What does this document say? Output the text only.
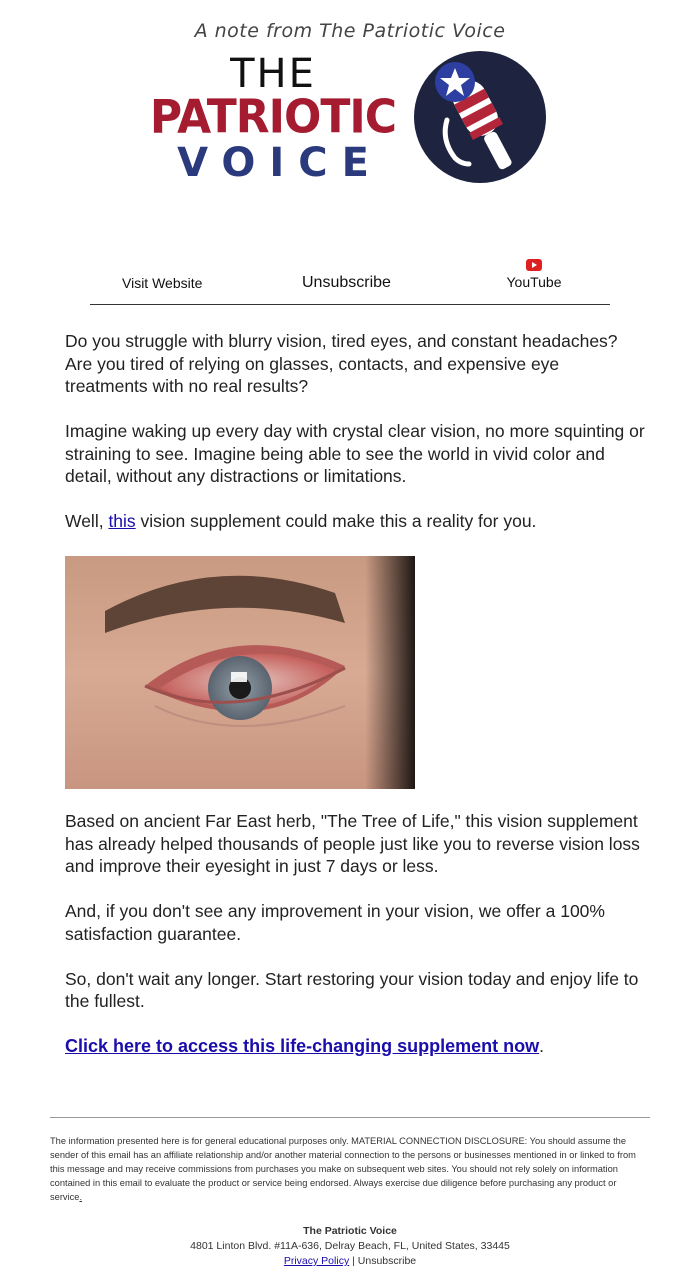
A note from The Patriotic Voice
THE
PATRIOTIC
VOICE
Visit Website	Unsubscribe	YouTube

Do you struggle with blurry vision, tired eyes, and constant headaches? Are you tired of relying on glasses, contacts, and expensive eye treatments with no real results?

Imagine waking up every day with crystal clear vision, no more squinting or straining to see. Imagine being able to see the world in vivid color and detail, without any distractions or limitations.

Well, this vision supplement could make this a reality for you.

Based on ancient Far East herb, "The Tree of Life," this vision supplement has already helped thousands of people just like you to reverse vision loss and improve their eyesight in just 7 days or less.

And, if you don't see any improvement in your vision, we offer a 100% satisfaction guarantee.

So, don't wait any longer. Start restoring your vision today and enjoy life to the fullest.

Click here to access this life-changing supplement now.

The information presented here is for general educational purposes only. MATERIAL CONNECTION DISCLOSURE: You should assume the sender of this email has an affiliate relationship and/or another material connection to the persons or businesses mentioned in or linked to from this message and may receive commissions from purchases you make on subsequent web sites. You should not rely solely on information contained in this email to evaluate the product or service being endorsed. Always exercise due diligence before purchasing any product or service.
The Patriotic Voice
4801 Linton Blvd. #11A-636, Delray Beach, FL, United States, 33445
Privacy Policy | Unsubscribe
